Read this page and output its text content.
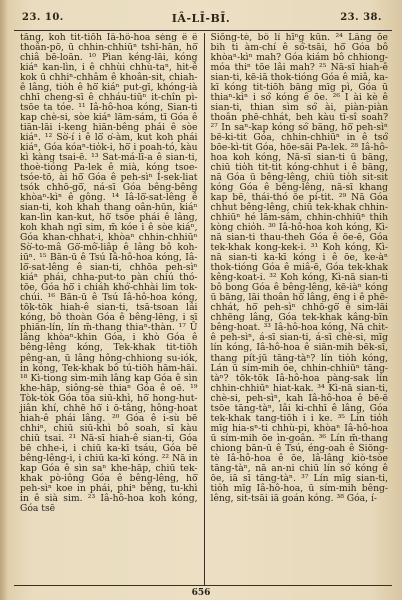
23. 10.	IÂ-LĪ-BĪ.	23. 38.

tãng, koh tit-tiōh Iâ-hô-hoa sèng ê ê thoân-pō, ū chhin-chhiūⁿ tshī-hān, hō͘ chiâ bē-loān. ¹⁰ Pìan kéng-lāi, kóng kiáⁿ kan-lìn, i ê chhùi chhù-taⁿ, hit-ê kok ū chhiⁿ-chhâm ê khoân-sit, chiah-ê lâng, tio̍h ê hō͘ kiáⁿ put-gī, khóng-ià chhī cheng-sī ê chháu-tiūⁿ it-chîn pì-tsōe ta tóe. ¹¹ Iâ-hô-hoa kóng, Sian-ti kap chè-si, sòe kiáⁿ lām-sám, tī Góa ê tiān-lāi i-keng hiān-bêng phái ê sòe kiáⁿ. ¹² Sò͘-í i ê lō͘ o͘-àm, kut koh phái kiáⁿ, Góa kóaⁿ-tio̍k-i, hō͘ i poah-tó, kàu kì kàng tsai-ē. ¹³ Sat-má-lī-a ê sian-ti, thoè-tióng Pa-lek ê mià, kóng tsoe-tsóe-tō, ài hō͘ Góa ê peh-sìⁿ Í-sek-liat tsók chhō-gō͘, ná-sī Góa bêng-bêng khòaⁿ-kìⁿ ê gông. ¹⁴ Iâ-lō͘-sat-lêng ê sian-ti, koh khah thang oân-hūn, kiáⁿ kan-lìn kan-kut, hō͘ tsōe phái ê lâng, koh khah ngī sim, m̄ kóe i ê sòe kiáⁿ, Góa khan-chhat-i, khòaⁿ chhin-chhiūⁿ Sò͘-to-mâ Gō͘-mô͘-liâp ê lâng bô koh-iūⁿ. ¹⁵ Bān-ū ê Tsú Iâ-hô-hoa kóng, Iâ-lō͘-sat-lêng ê sian-ti, chhōa peh-sìⁿ kiáⁿ phái, chha-put-to pàn chiú thó-tōe, Góa hō͘ i chiáh khó͘-chhài lim tok-chúi. ¹⁶ Bān-ū ê Tsú Iâ-hô-hoa kóng, tōk-tōk hiah-ê sian-ti, tsā-tsoan lâi kóng, bô thoàn Góa ê bêng-lēng, i sī phiān-lín, lín m̄-thang thiaⁿ-thàn. ¹⁷ Ū lâng khòaⁿ-khin Góa, i khò Góa ê bêng-lêng kóng, Tek-khak tit-tiōh pêng-an, ū lâng hông-chhiong su-iók, in kóng, Tek-khak bô tú-tiōh hām-hāi. ¹⁸ Kì-tiong sìm-mih lâng kap Góa ê sìn khe-hāp, siông-sè thiaⁿ Góa ê oē. ¹⁹ Tòk-tòk Góa tōa siū-khì, hō͘ hong-hut-jiân khí, chhē hō͘ i ō-tâng, hông-hoat hiah-ê phái lâng. ²⁰ Góa ê i-sù bē chhiⁿ, chiū siū-khì bô soah, sī kàu chiū tsai. ²¹ Nā-sī hiah-ê sian-ti, Góa bē chhe-i, i chiū ka-kī tsáu, Góa bē bêng-lêng-i, i chiū ka-kī kóng. ²² Nā in kap Góa ê sìn saⁿ khe-hāp, chiū tek-khak pò-iông Góa ê bêng-lêng, hō͘ peh-sìⁿ koe in phái, phiⁿ bêng, tu-khì in ê sià sim. ²³ Iâ-hô-hoa koh kóng, Góa tsē

Siōng-tè, bô lí hīⁿg kūn. ²⁴ Lâng ōe bih ti àm-chí ê só͘-tsāi, hō͘ Góa bô khòaⁿ-kìⁿ mah? Góa kiám bô chhiong-móa thiⁿ tōe lâi mah? ²⁵ Nā-sī hiah-ê sian-ti, kē-iā thok-tióng Góa ê miâ, ka-kī kóng tit-tiōh bāng mīg pì, Góa ū thiaⁿ-kìⁿ i só͘ kóng ê ōe. ²⁶ I ài kè ê sian-ti, thian sìm só͘ ài, piàn-piàn thoân phē-chhát, beh kàu tī-sî soah? ²⁷ In saⁿ-kap kóng só͘ bāng, hō͘ peh-sìⁿ bē-ki-tit Góa, chhin-chhiūⁿ in ê tsó͘ bōe-kì-tit Góa, hōe-sāi Pa-lek. ²⁸ Iâ-hô-hoa koh kóng, Nā-sī sian-ti ū bāng, chiū tio̍h tit-tit kóng-chhut i ê bāng, nā Góa ū bêng-lêng, chiū tio̍h sit-sit kóng Góa ê bêng-lêng, nā-sī khang kap bē, thái-thó ōe pí-tit. ²⁹ Nā Góa chhut bêng-lêng, chiū tek-khak chhin-chhiūⁿ hé lām-sám, chhin-chhiūⁿ thih kòng chio̍h. ³⁰ Iâ-hô-hoa koh kóng, Kì-nā sian-ti thau-theh Góa ê ōe-ē, Góa tek-khak kong-kek-i. ³¹ Koh kóng, Kì-nā sian-ti ka-kī kóng i ê ōe, ke-àⁿ thok-tióng Góa ê miâ-ē, Góa tek-khak kêng-koat-i. ³² Koh kóng, Kì-nā sian-ti bô bong Góa ê bêng-lêng, kē-iàⁿ kóng ū bāng, lāi thoân hō͘ lâng, ēng i ê phē-chhát, hō͘ peh-sìⁿ chhō-gō͘ ê sim-lāi chhēng lâng, Góa tek-khak kâng-bīn bêng-hoat. ³³ Iâ-hô-hoa kóng, Nā chit-ê peh-sìⁿ, á-sī sian-ti, á-sī chè-si, mīg lín kóng, Iâ-hô-hoa ê siān-mih bēk-sī, thang pít-jū tāng-tàⁿ? lín tio̍h kóng, Lán ū sím-mih ōe, chhin-chhiūⁿ tāng-tàⁿ? tōk-tōk Iâ-hô-hoa pàng-sak lín chhin-chhiūⁿ hiat-kak. ³⁴ Kì-nā sian-ti, chè-si, peh-sìⁿ, kah Iâ-hô-hoa ê bē-ē tsōe tāng-tàⁿ, lâi ki-chhī ê lâng, Góa tek-khak tang-tiōh i i ke. ³⁵ Lín tio̍h mīg hia-sⁿ-ti chhù-pi, khòaⁿ Iâ-hô-hoa ū sím-mih ōe ìn-goân. ³⁶ Lín m̄-thang chiong bān-ū ê Tsú, éng-oah ê Siōng-tè Iâ-hô-hoa ê ōe, lâ-lâng kiò-tsòe tāng-tàⁿ, nā an-ni chiū lín só͘ kóng ê ōe, iā sī tāng-tàⁿ. ³⁷ Lín mīg sian-ti, tio̍h mīg Iâ-hô-hoa, ū sím-mih bêng-lêng, sit-tsāi iā goán kóng. ³⁸ Góa, í-

656
